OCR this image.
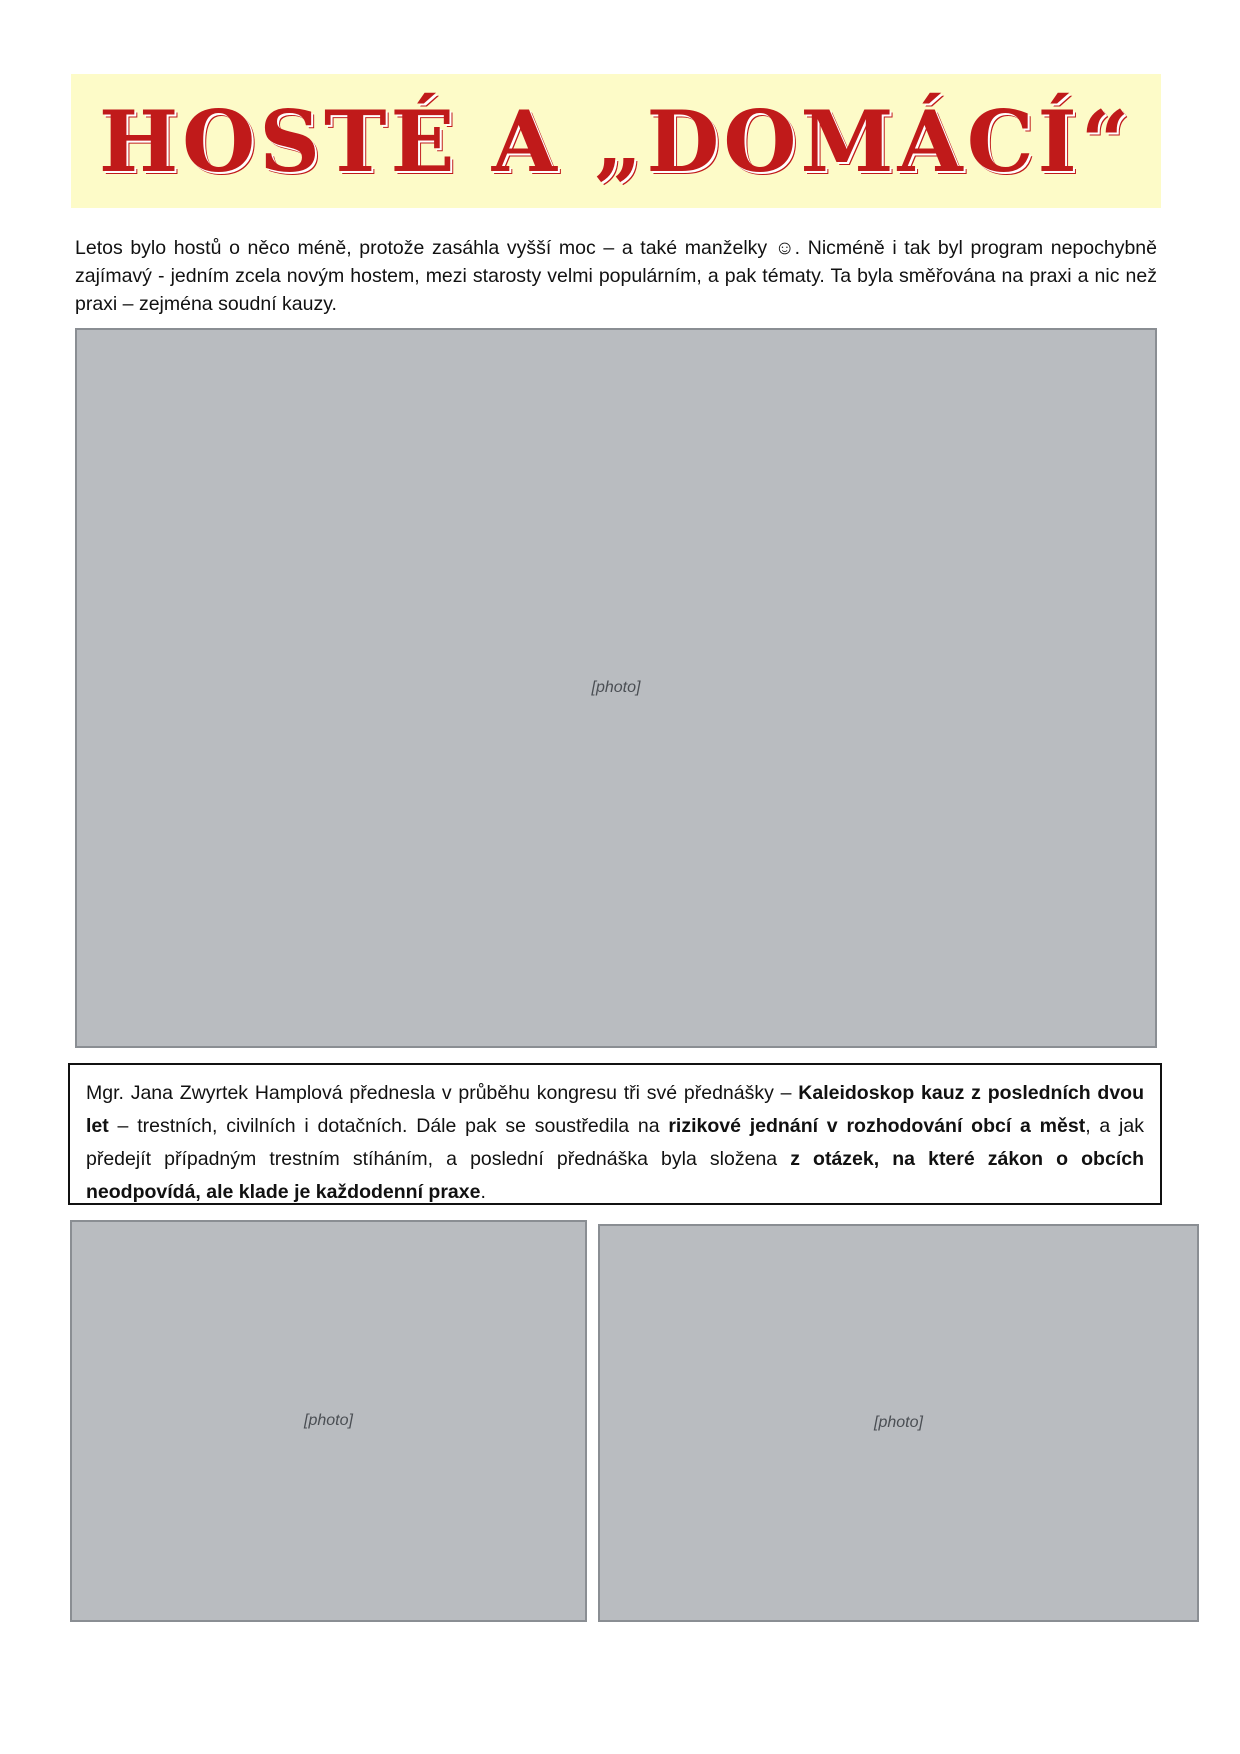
HOSTÉ A „DOMÁCÍ“

Letos bylo hostů o něco méně, protože zasáhla vyšší moc – a také manželky ☺. Nicméně i tak byl program nepochybně zajímavý - jedním zcela novým hostem, mezi starosty velmi populárním, a pak tématy. Ta byla směřována na praxi a nic než praxi – zejména soudní kauzy.

[photo]

Mgr. Jana Zwyrtek Hamplová přednesla v průběhu kongresu tři své přednášky – Kaleidoskop kauz z posledních dvou let – trestních, civilních i dotačních. Dále pak se soustředila na rizikové jednání v rozhodování obcí a měst, a jak předejít případným trestním stíháním, a poslední přednáška byla složena z otázek, na které zákon o obcích neodpovídá, ale klade je každodenní praxe.

[photo]	[photo]
